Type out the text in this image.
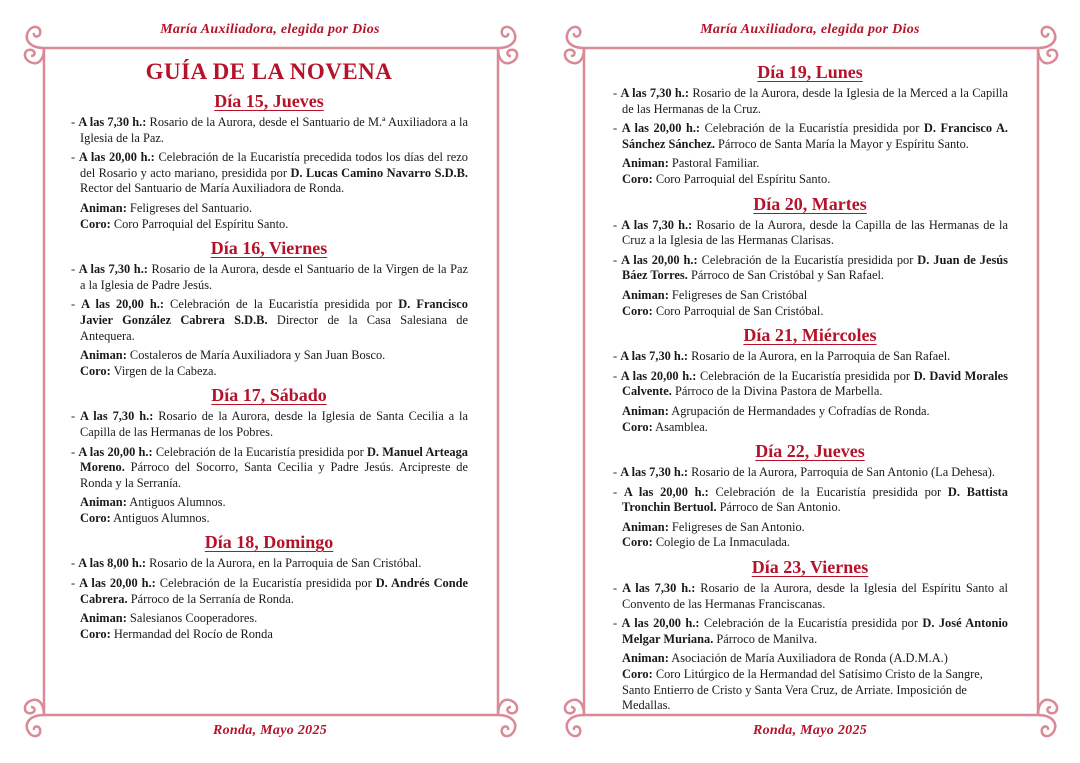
María Auxiliadora, elegida por Dios
GUÍA DE LA NOVENA
Día 15, Jueves
- A las 7,30 h.: Rosario de la Aurora, desde el Santuario de M.ª Auxiliadora a la Iglesia de la Paz.
- A las 20,00 h.: Celebración de la Eucaristía precedida todos los días del rezo del Rosario y acto mariano, presidida por D. Lucas Camino Navarro S.D.B. Rector del Santuario de María Auxiliadora de Ronda.
Animan: Feligreses del Santuario.
Coro: Coro Parroquial del Espíritu Santo.
Día 16, Viernes
- A las 7,30 h.: Rosario de la Aurora, desde el Santuario de la Virgen de la Paz a la Iglesia de Padre Jesús.
- A las 20,00 h.: Celebración de la Eucaristía presidida por D. Francisco Javier González Cabrera S.D.B. Director de la Casa Salesiana de Antequera.
Animan: Costaleros de María Auxiliadora y San Juan Bosco.
Coro: Virgen de la Cabeza.
Día 17, Sábado
- A las 7,30 h.: Rosario de la Aurora, desde la Iglesia de Santa Cecilia a la Capilla de las Hermanas de los Pobres.
- A las 20,00 h.: Celebración de la Eucaristía presidida por D. Manuel Arteaga Moreno. Párroco del Socorro, Santa Cecilia y Padre Jesús. Arcipreste de Ronda y la Serranía.
Animan: Antiguos Alumnos.
Coro: Antiguos Alumnos.
Día 18, Domingo
- A las 8,00 h.: Rosario de la Aurora, en la Parroquia de San Cristóbal.
- A las 20,00 h.: Celebración de la Eucaristía presidida por D. Andrés Conde Cabrera. Párroco de la Serranía de Ronda.
Animan: Salesianos Cooperadores.
Coro: Hermandad del Rocío de Ronda
Ronda, Mayo 2025
María Auxiliadora, elegida por Dios
Día 19, Lunes
- A las 7,30 h.: Rosario de la Aurora, desde la Iglesia de la Merced a la Capilla de las Hermanas de la Cruz.
- A las 20,00 h.: Celebración de la Eucaristía presidida por D. Francisco A. Sánchez Sánchez. Párroco de Santa María la Mayor y Espíritu Santo.
Animan: Pastoral Familiar.
Coro: Coro Parroquial del Espíritu Santo.
Día 20, Martes
- A las 7,30 h.: Rosario de la Aurora, desde la Capilla de las Hermanas de la Cruz a la Iglesia de las Hermanas Clarisas.
- A las 20,00 h.: Celebración de la Eucaristía presidida por D. Juan de Jesús Báez Torres. Párroco de San Cristóbal y San Rafael.
Animan: Feligreses de San Cristóbal
Coro: Coro Parroquial de San Cristóbal.
Día 21, Miércoles
- A las 7,30 h.: Rosario de la Aurora, en la Parroquia de San Rafael.
- A las 20,00 h.: Celebración de la Eucaristía presidida por D. David Morales Calvente. Párroco de la Divina Pastora de Marbella.
Animan: Agrupación de Hermandades y Cofradías de Ronda.
Coro: Asamblea.
Día 22, Jueves
- A las 7,30 h.: Rosario de la Aurora, Parroquia de San Antonio (La Dehesa).
- A las 20,00 h.: Celebración de la Eucaristía presidida por D. Battista Tronchin Bertuol. Párroco de San Antonio.
Animan: Feligreses de San Antonio.
Coro: Colegio de La Inmaculada.
Día 23, Viernes
- A las 7,30 h.: Rosario de la Aurora, desde la Iglesia del Espíritu Santo al Convento de las Hermanas Franciscanas.
- A las 20,00 h.: Celebración de la Eucaristía presidida por D. José Antonio Melgar Muriana. Párroco de Manilva.
Animan: Asociación de María Auxiliadora de Ronda (A.D.M.A.)
Coro: Coro Litúrgico de la Hermandad del Satísimo Cristo de la Sangre, Santo Entierro de Cristo y Santa Vera Cruz, de Arriate. Imposición de Medallas.
Ronda, Mayo 2025
